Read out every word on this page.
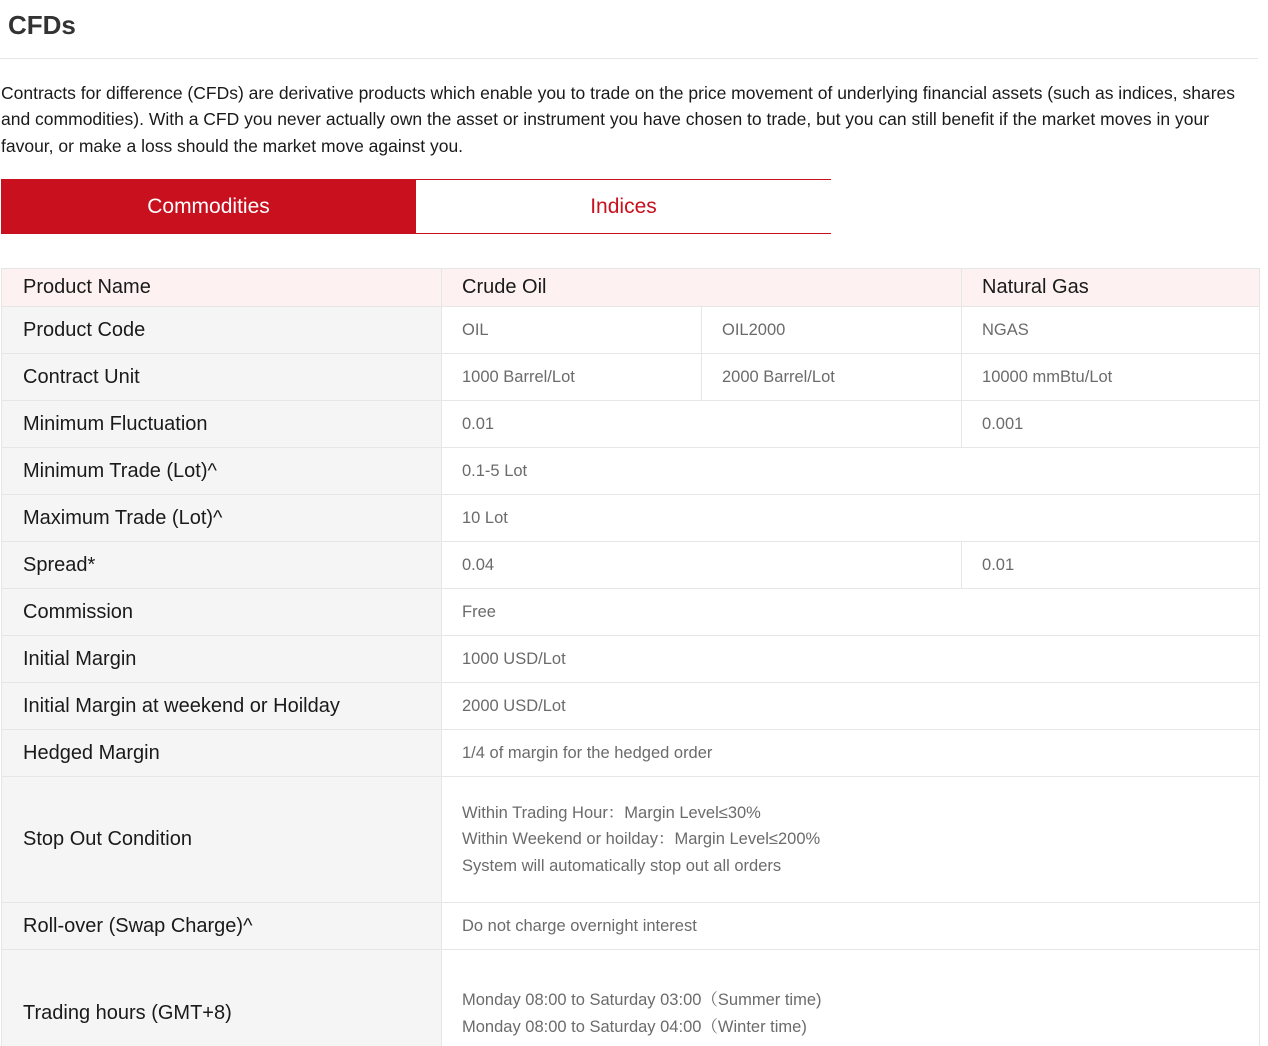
CFDs

Contracts for difference (CFDs) are derivative products which enable you to trade on the price movement of underlying financial assets (such as indices, shares and commodities). With a CFD you never actually own the asset or instrument you have chosen to trade, but you can still benefit if the market moves in your favour, or make a loss should the market move against you.

Commodities	Indices
Product Name	Crude Oil		Natural Gas
Product Code	OIL	OIL2000	NGAS
Contract Unit	1000 Barrel/Lot	2000 Barrel/Lot	10000 mmBtu/Lot
Minimum Fluctuation	0.01		0.001
Minimum Trade (Lot)^	0.1-5 Lot		
Maximum Trade (Lot)^	10 Lot		
Spread*	0.04		0.01
Commission	Free		
Initial Margin	1000 USD/Lot		
Initial Margin at weekend or Hoilday	2000 USD/Lot		
Hedged Margin	1/4 of margin for the hedged order		
Stop Out Condition	Within Trading Hour：Margin Level≤30%
Within Weekend or hoilday：Margin Level≤200%
System will automatically stop out all orders		

Roll-over (Swap Charge)^	Do not charge overnight interest		
Trading hours (GMT+8)	Monday 08:00 to Saturday 03:00（Summer time)
Monday 08:00 to Saturday 04:00（Winter time)		
